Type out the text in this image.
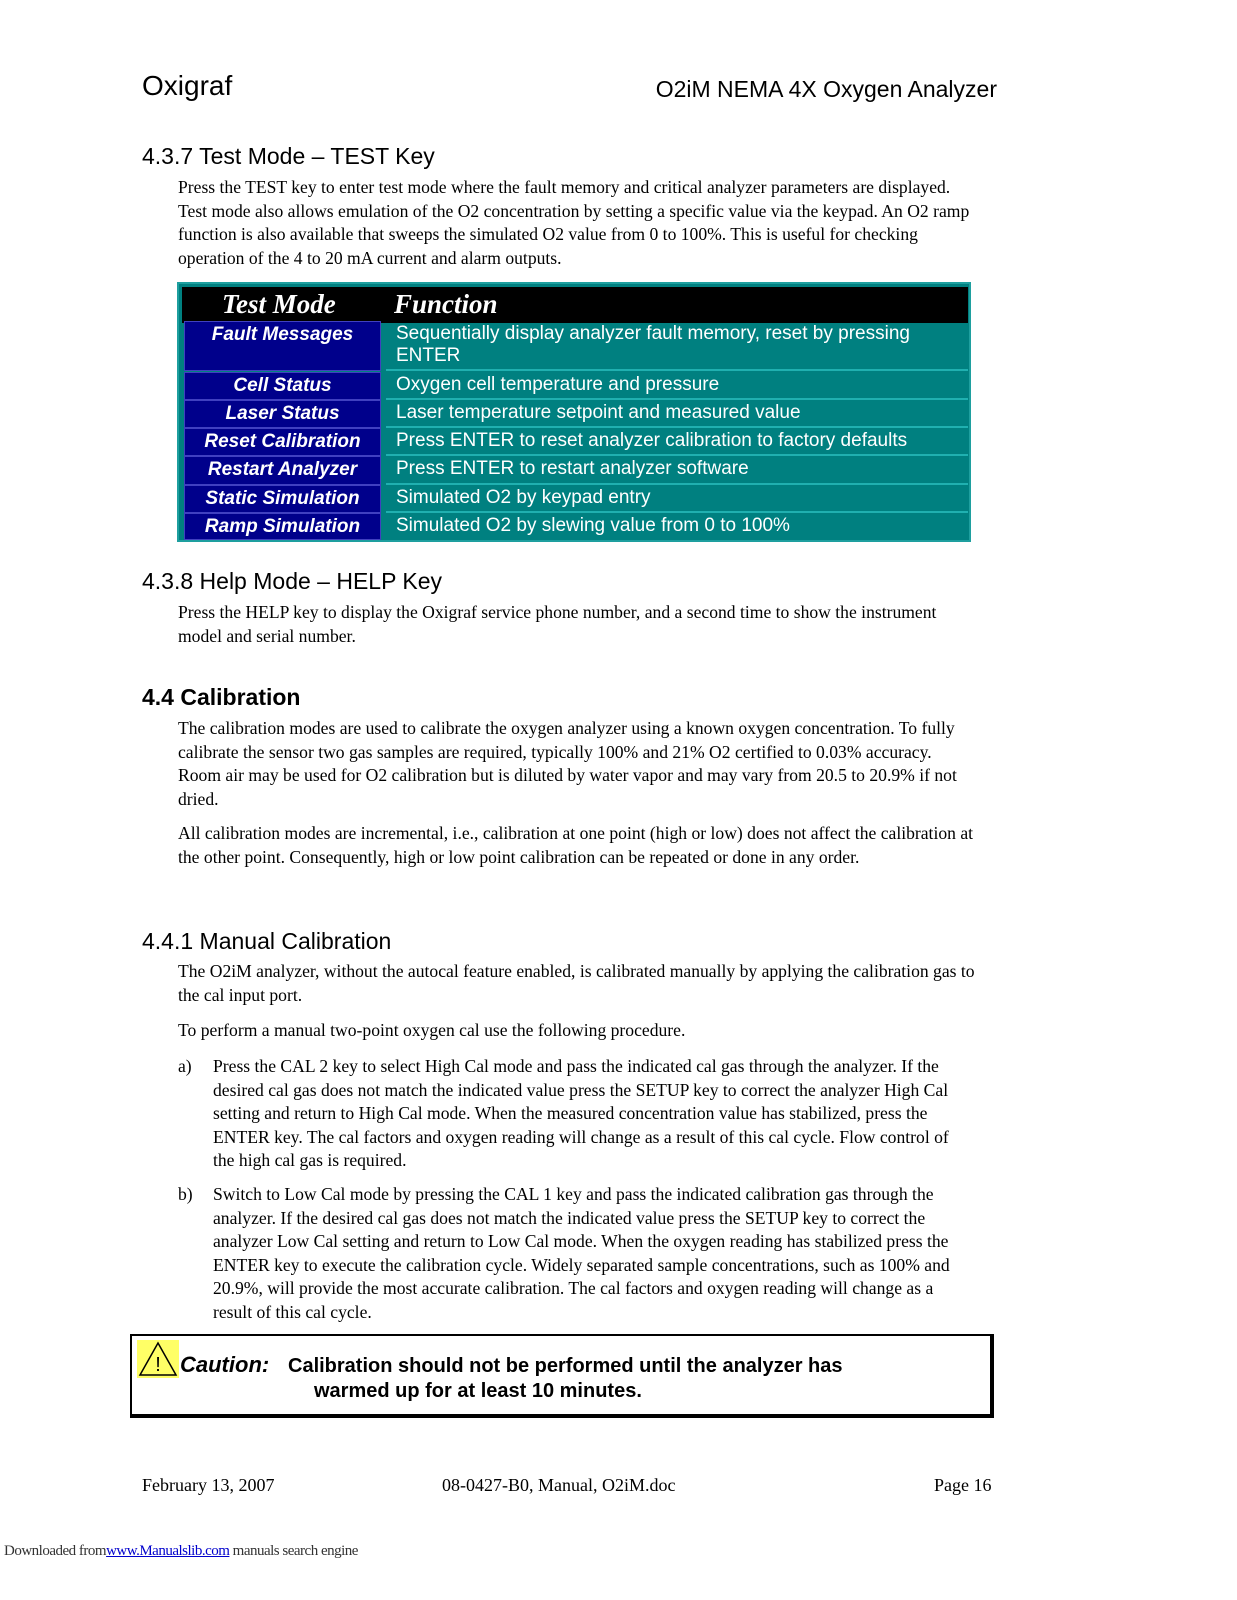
Oxigraf	O2iM NEMA 4X Oxygen Analyzer
4.3.7 Test Mode – TEST Key

Press the TEST key to enter test mode where the fault memory and critical analyzer parameters are displayed. Test mode also allows emulation of the O2 concentration by setting a specific value via the keypad. An O2 ramp function is also available that sweeps the simulated O2 value from 0 to 100%. This is useful for checking operation of the 4 to 20 mA current and alarm outputs.

Test Mode Function
Fault Messages	Sequentially display analyzer fault memory, reset by pressing ENTER
Cell Status	Oxygen cell temperature and pressure
Laser Status	Laser temperature setpoint and measured value
Reset Calibration	Press ENTER to reset analyzer calibration to factory defaults
Restart Analyzer	Press ENTER to restart analyzer software
Static Simulation	Simulated O2 by keypad entry
Ramp Simulation	Simulated O2 by slewing value from 0 to 100%
4.3.8 Help Mode – HELP Key

Press the HELP key to display the Oxigraf service phone number, and a second time to show the instrument model and serial number.

4.4 Calibration

The calibration modes are used to calibrate the oxygen analyzer using a known oxygen concentration. To fully calibrate the sensor two gas samples are required, typically 100% and 21% O2 certified to 0.03% accuracy. Room air may be used for O2 calibration but is diluted by water vapor and may vary from 20.5 to 20.9% if not dried.

All calibration modes are incremental, i.e., calibration at one point (high or low) does not affect the calibration at the other point. Consequently, high or low point calibration can be repeated or done in any order.

4.4.1 Manual Calibration

The O2iM analyzer, without the autocal feature enabled, is calibrated manually by applying the calibration gas to the cal input port.

To perform a manual two-point oxygen cal use the following procedure.

a) Press the CAL 2 key to select High Cal mode and pass the indicated cal gas through the analyzer. If the desired cal gas does not match the indicated value press the SETUP key to correct the analyzer High Cal setting and return to High Cal mode. When the measured concentration value has stabilized, press the ENTER key. The cal factors and oxygen reading will change as a result of this cal cycle. Flow control of the high cal gas is required.

b) Switch to Low Cal mode by pressing the CAL 1 key and pass the indicated calibration gas through the analyzer. If the desired cal gas does not match the indicated value press the SETUP key to correct the analyzer Low Cal setting and return to Low Cal mode. When the oxygen reading has stabilized press the ENTER key to execute the calibration cycle. Widely separated sample concentrations, such as 100% and 20.9%, will provide the most accurate calibration. The cal factors and oxygen reading will change as a result of this cal cycle.

! Caution: Calibration should not be performed until the analyzer has
warmed up for at least 10 minutes.
February 13, 2007	08-0427-B0, Manual, O2iM.doc	Page 16
Downloaded fromwww.Manualslib.com manuals search engine
